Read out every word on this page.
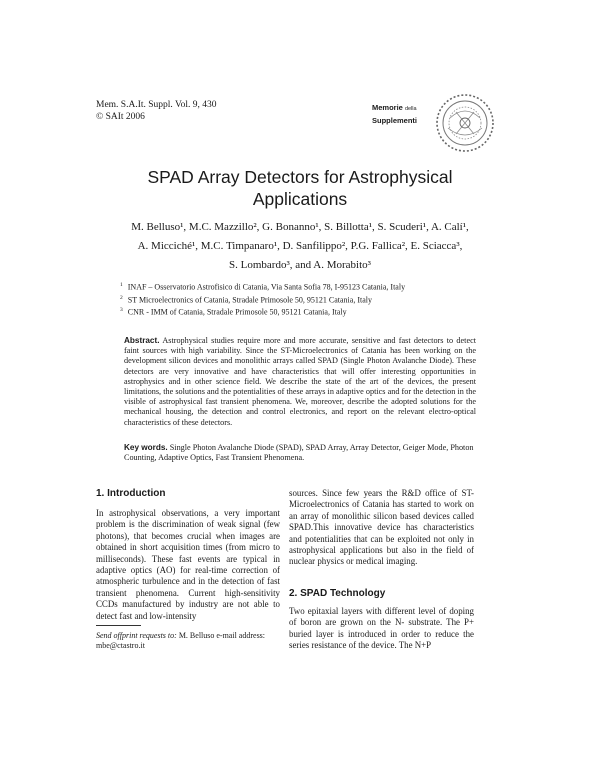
Mem. S.A.It. Suppl. Vol. 9, 430
© SAIt 2006
Memorie della
Supplementi
SPAD Array Detectors for Astrophysical
Applications
M. Belluso¹, M.C. Mazzillo², G. Bonanno¹, S. Billotta¹, S. Scuderi¹, A. Calí¹,
A. Micciché¹, M.C. Timpanaro¹, D. Sanfilippo², P.G. Fallica², E. Sciacca³,
S. Lombardo³, and A. Morabito³
$^1$ INAF – Osservatorio Astrofisico di Catania, Via Santa Sofia 78, I-95123 Catania, Italy
$^2$ ST Microelectronics of Catania, Stradale Primosole 50, 95121 Catania, Italy
$^3$ CNR - IMM of Catania, Stradale Primosole 50, 95121 Catania, Italy
Abstract. Astrophysical studies require more and more accurate, sensitive and fast detectors to detect faint sources with high variability. Since the ST-Microelectronics of Catania has been working on the development silicon devices and monolithic arrays called SPAD (Single Photon Avalanche Diode). These detectors are very innovative and have characteristics that will offer interesting opportunities in astrophysics and in other science field. We describe the state of the art of the devices, the present limitations, the solutions and the potentialities of these arrays in adaptive optics and for the detection in the visible of astrophysical fast transient phenomena. We, moreover, describe the adopted solutions for the mechanical housing, the detection and control electronics, and report on the relevant electro-optical characteristics of these detectors.
Key words. Single Photon Avalanche Diode (SPAD), SPAD Array, Array Detector, Geiger Mode, Photon Counting, Adaptive Optics, Fast Transient Phenomena.
1. Introduction

In astrophysical observations, a very important problem is the discrimination of weak signal (few photons), that becomes crucial when images are obtained in short acquisition times (from micro to milliseconds). These fast events are typical in adaptive optics (AO) for real-time correction of atmospheric turbulence and in the detection of fast transient phenomena. Current high-sensitivity CCDs manufactured by industry are not able to detect fast and low-intensity

Send offprint requests to: M. Belluso e-mail address: mbe@ctastro.it

sources. Since few years the R&D office of ST-Microelectronics of Catania has started to work on an array of monolithic silicon based devices called SPAD.This innovative device has characteristics and potentialities that can be exploited not only in astrophysical applications but also in the field of nuclear physics or medical imaging.

2. SPAD Technology

Two epitaxial layers with different level of doping of boron are grown on the N- substrate. The P+ buried layer is introduced in order to reduce the series resistance of the device. The N+P
